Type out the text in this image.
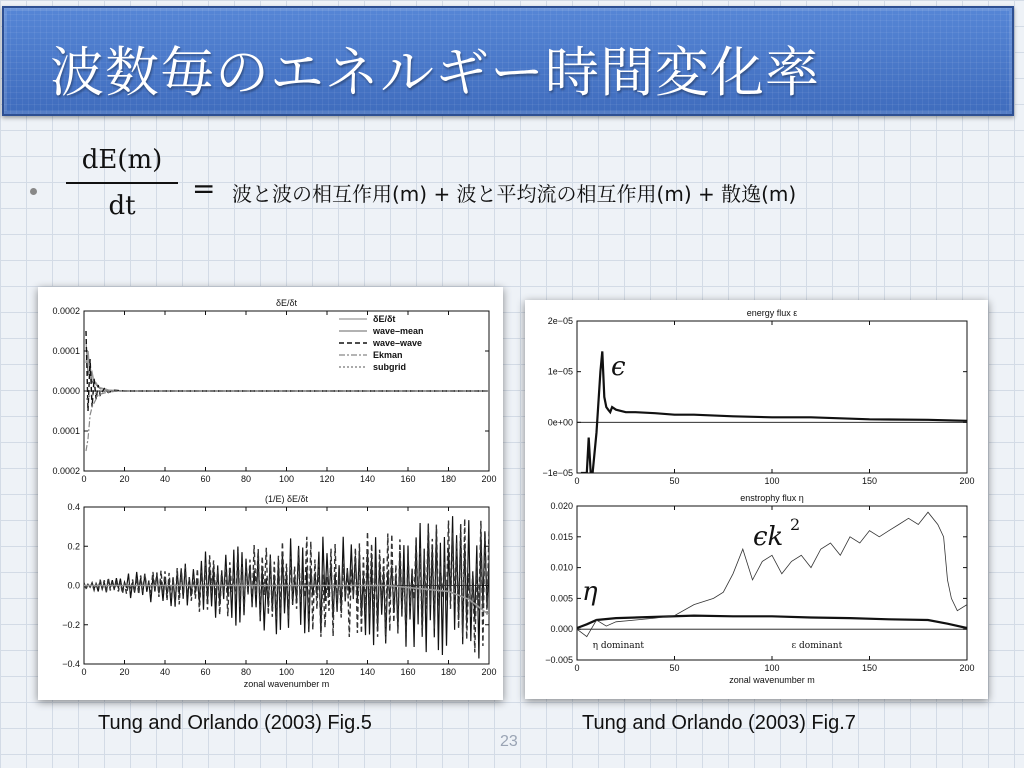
波数毎のエネルギー時間変化率
dE(m)
dt
= 波と波の相互作用(m) + 波と平均流の相互作用(m) + 散逸(m)
δE/δt
0	20	40	60	80	100	120	140	160	180	200
0.0002
0.0001
0.0000
0.0001
0.0002
δE/δt
wave–mean
wave–wave
Ekman
subgrid
(1/E) δE/δt
0	20	40	60	80	100	120	140	160	180	200
0.4
0.2
0.0
−0.2
−0.4
zonal wavenumber m
energy flux ε
0	50	100	150	200
2e−05
1e−05
0e+00
−1e−05
enstrophy flux η
0	50	100	150	200
0.020
0.015
0.010
0.005
0.000
−0.005
zonal wavenumber m
η dominant	ε dominant
ϵ
η
ϵk 2
Tung and Orlando (2003) Fig.5	Tung and Orlando (2003) Fig.7
23
